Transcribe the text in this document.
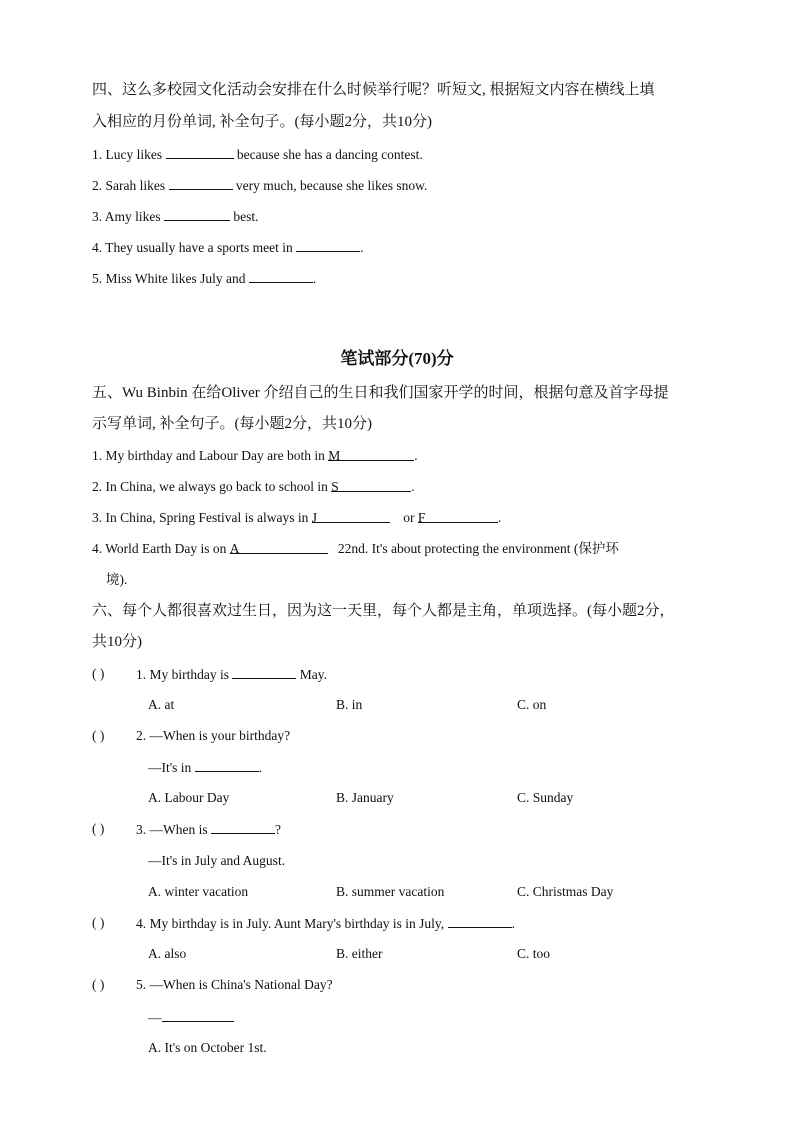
四、这么多校园文化活动会安排在什么时候举行呢？听短文, 根据短文内容在横线上填
入相应的月份单词, 补全句子。(每小题2分，共10分)
1. Lucy likes	because she has a dancing contest.
2. Sarah likes	very much, because she likes snow.
3. Amy likes	best.
4. They usually have a sports meet in	.
5. Miss White likes July and	.
笔试部分(70)分
五、Wu Binbin 在给Oliver 介绍自己的生日和我们国家开学的时间，根据句意及首字母提
示写单词, 补全句子。(每小题2分，共10分)
1. My birthday and Labour Day are both in M	.
2. In China, we always go back to school in S	.
3. In China, Spring Festival is always in J	or F	.
4. World Earth Day is on A	22nd. It's about protecting the environment (保护环
境).
六、每个人都很喜欢过生日，因为这一天里，每个人都是主角，单项选择。(每小题2分，
共10分)
( ) 1. My birthday is	May.
A. at	B. in	C. on
( ) 2. —When is your birthday?
—It's in	.
A. Labour Day	B. January	C. Sunday
( ) 3. —When is	?
—It's in July and August.
A. winter vacation	B. summer vacation	C. Christmas Day
( ) 4. My birthday is in July. Aunt Mary's birthday is in July,	.
A. also	B. either	C. too
( ) 5. —When is China's National Day?
—
A. It's on October 1st.
